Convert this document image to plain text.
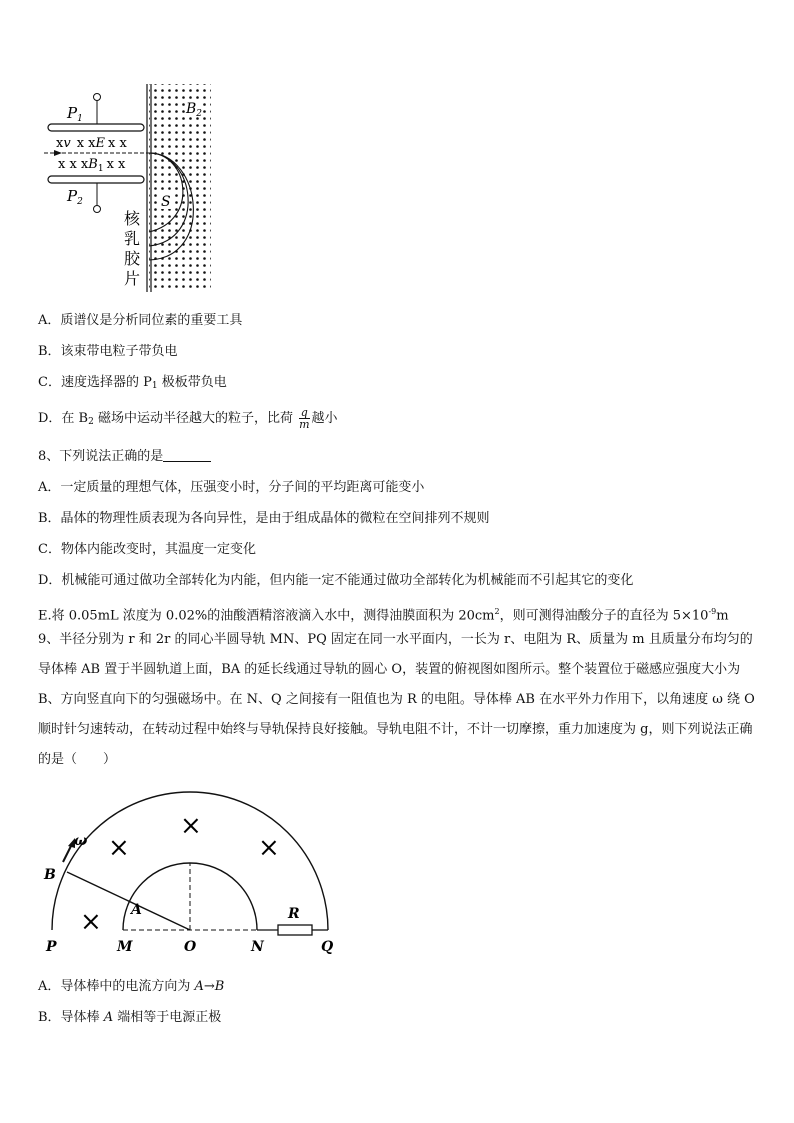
$P_1$
$P_2$
$B_2$
xv x xE x x
x x $xB_1$ x x
S
核
乳
胶
片
A．质谱仪是分析同位素的重要工具
B．该束带电粒子带负电
C．速度选择器的 $P_1$ 极板带负电
D．在 $B_2$ 磁场中运动半径越大的粒子，比荷 $\frac{q}{m}$ 越小
8、下列说法正确的是
A．一定质量的理想气体，压强变小时，分子间的平均距离可能变小
B．晶体的物理性质表现为各向异性，是由于组成晶体的微粒在空间排列不规则
C．物体内能改变时，其温度一定变化
D．机械能可通过做功全部转化为内能，但内能一定不能通过做功全部转化为机械能而不引起其它的变化
E.将 0.05mL 浓度为 0.02%的油酸酒精溶液滴入水中，测得油膜面积为 $20cm^2$，则可测得油酸分子的直径为 $5\times 10^{-9}m$
9、半径分别为 r 和 2r 的同心半圆导轨 MN、PQ 固定在同一水平面内，一长为 r、电阻为 R、质量为 m 且质量分布均匀的导体棒 AB 置于半圆轨道上面，BA 的延长线通过导轨的圆心 O，装置的俯视图如图所示。整个装置位于磁感应强度大小为 B、方向竖直向下的匀强磁场中。在 N、Q 之间接有一阻值也为 R 的电阻。导体棒 AB 在水平外力作用下，以角速度 ω 绕 O 顺时针匀速转动，在转动过程中始终与导轨保持良好接触。导轨电阻不计，不计一切摩擦，重力加速度为 g，则下列说法正确的是（　　）
×
×
×
×
ω
B
A
P	M	O	N	Q
R
A．导体棒中的电流方向为 A→B
B．导体棒 A 端相等于电源正极
